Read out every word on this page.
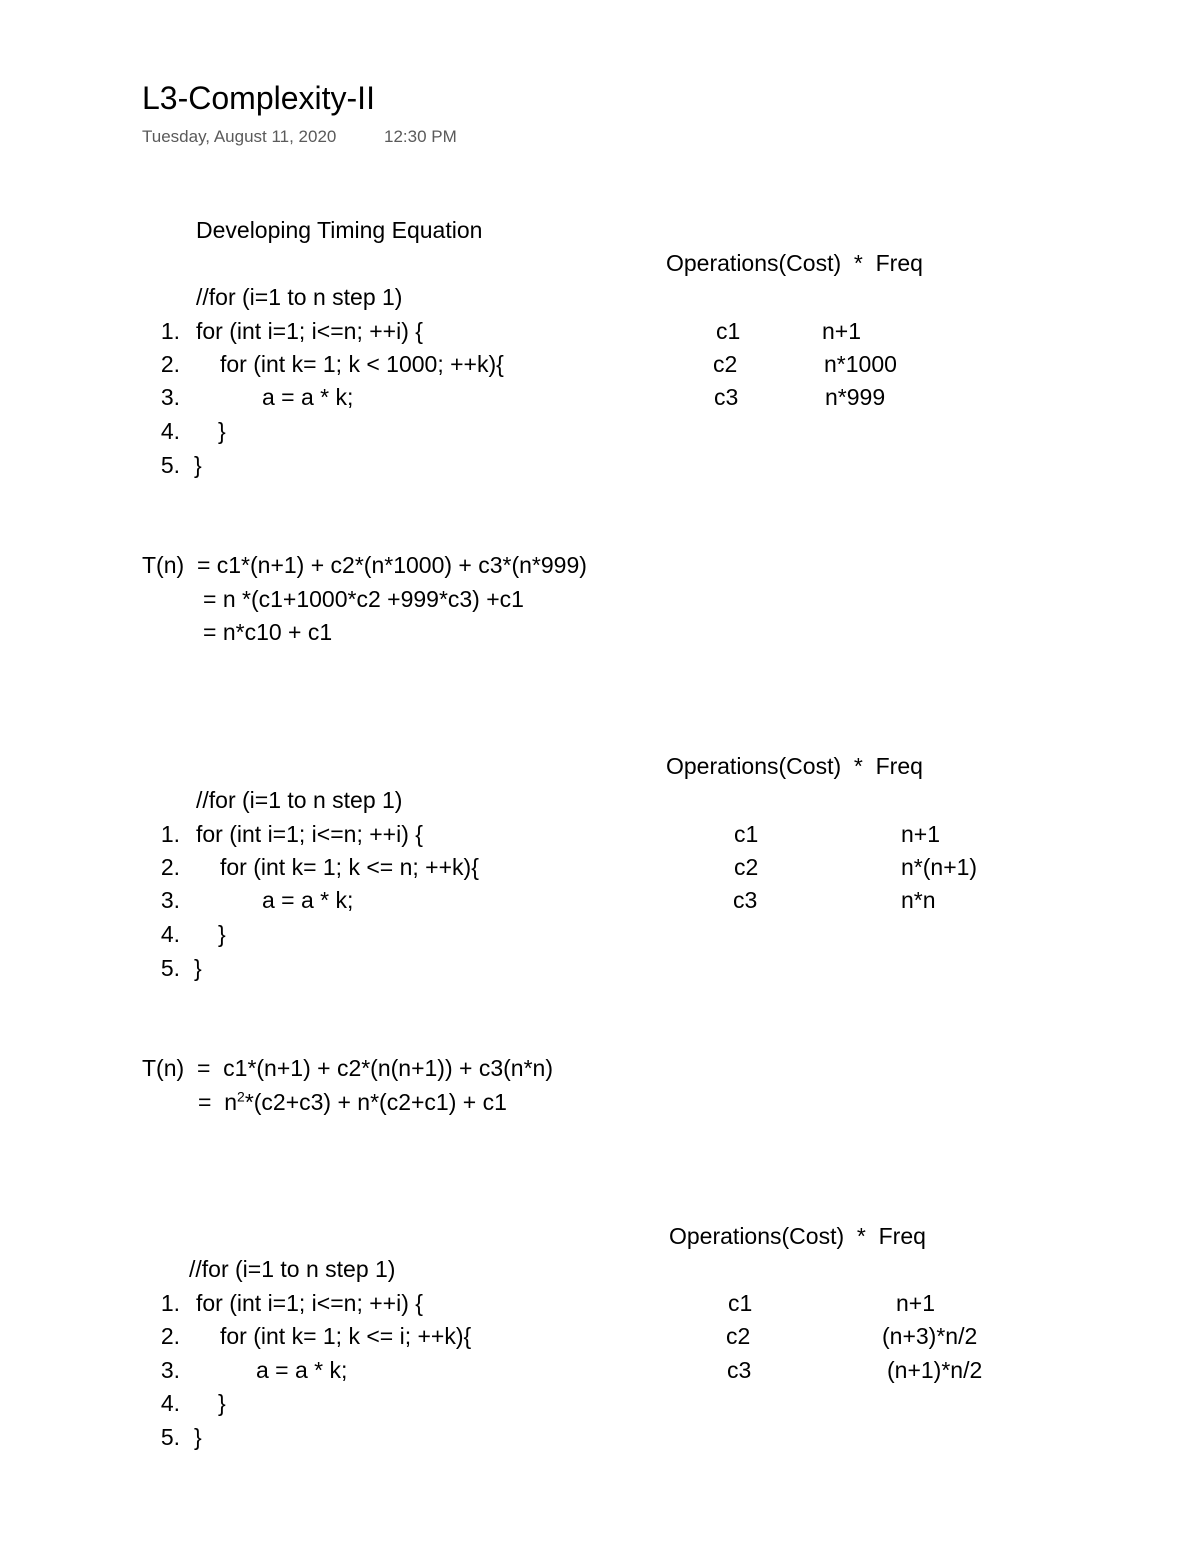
L3-Complexity-II
Tuesday, August 11, 2020	12:30 PM
Developing Timing Equation
Operations(Cost)  *  Freq
//for (i=1 to n step 1)
1. for (int i=1; i<=n; ++i) {	c1	n+1
2. for (int k= 1; k < 1000; ++k){	c2	n*1000
3.	a = a * k;	c3	n*999
4. }
5. }
T(n)  = c1*(n+1) + c2*(n*1000) + c3*(n*999)
= n *(c1+1000*c2 +999*c3) +c1
= n*c10 + c1
Operations(Cost)  *  Freq
//for (i=1 to n step 1)
1. for (int i=1; i<=n; ++i) {	c1	n+1
2. for (int k= 1; k <= n; ++k){	c2	n*(n+1)
3.	a = a * k;	c3	n*n
4. }
5. }
T(n)  =  c1*(n+1) + c2*(n(n+1)) + c3(n*n)
=  $n^2*(c2+c3) + n*(c2+c1) + c1$
Operations(Cost)  *  Freq
//for (i=1 to n step 1)
1. for (int i=1; i<=n; ++i) {	c1	n+1
2. for (int k= 1; k <= i; ++k){	c2	(n+3)*n/2
3.	a = a * k;	c3	(n+1)*n/2
4. }
5. }
